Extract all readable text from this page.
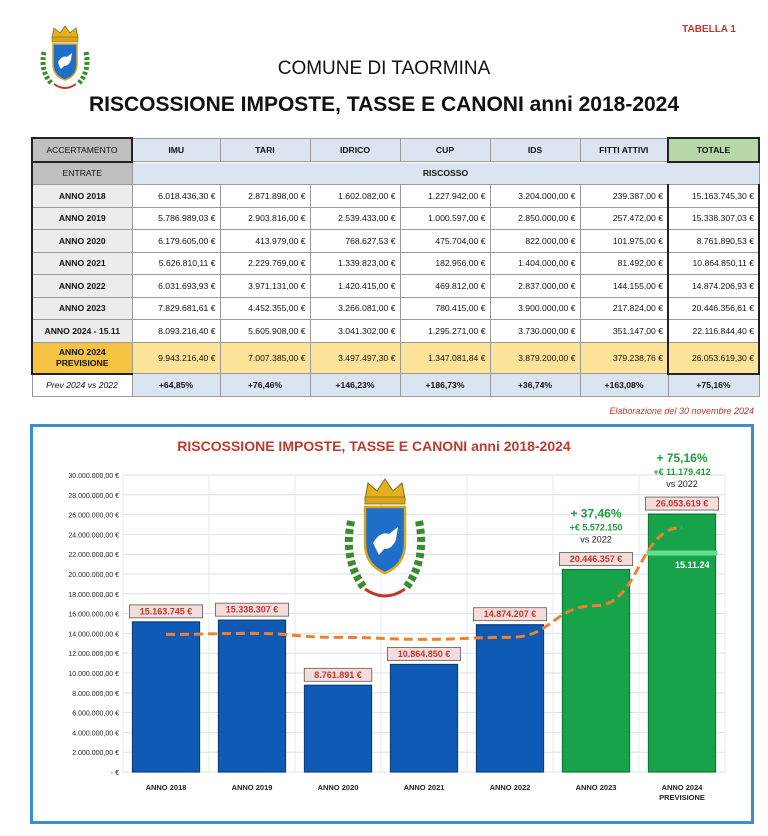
TABELLA 1
COMUNE DI TAORMINA
RISCOSSIONE IMPOSTE, TASSE E CANONI anni 2018-2024
ACCERTAMENTO	IMU	TARI	IDRICO	CUP	IDS	FITTI ATTIVI	TOTALE
ENTRATE	RISCOSSO						
ANNO 2018	6.018.436,30 €	2.871.898,00 €	1.602.082,00 €	1.227.942,00 €	3.204.000,00 €	239.387,00 €	15.163.745,30 €
ANNO 2019	5.786.989,03 €	2.903.816,00 €	2.539.433,00 €	1.000.597,00 €	2.850.000,00 €	257.472,00 €	15.338.307,03 €
ANNO 2020	6.179.605,00 €	413.979,00 €	768.627,53 €	475.704,00 €	822.000,00 €	101.975,00 €	8.761.890,53 €
ANNO 2021	5.626.810,11 €	2.229.769,00 €	1.339.823,00 €	182.956,00 €	1.404.000,00 €	81.492,00 €	10.864.850,11 €
ANNO 2022	6.031.693,93 €	3.971.131,00 €	1.420.415,00 €	469.812,00 €	2.837.000,00 €	144.155,00 €	14.874.206,93 €
ANNO 2023	7.829.681,61 €	4.452.355,00 €	3.266.081,00 €	780.415,00 €	3.900.000,00 €	217.824,00 €	20.446.356,61 €
ANNO 2024 - 15.11	8.093.216,40 €	5.605.908,00 €	3.041.302,00 €	1.295.271,00 €	3.730.000,00 €	351.147,00 €	22.116.844,40 €
ANNO 2024 PREVISIONE	9.943.216,40 €	7.007.385,00 €	3.497.497,30 €	1.347.081,84 €	3.879.200,00 €	379.238,76 €	26.053.619,30 €
Prev 2024 vs 2022	+64,85%	+76,46%	+146,23%	+186,73%	+36,74%	+163,08%	+75,16%
Elaborazione del 30 novembre 2024
RISCOSSIONE IMPOSTE, TASSE E CANONI anni 2018-2024
- €
2.000.000,00 €
4.000.000,00 €
6.000.000,00 €
8.000.000,00 €
10.000.000,00 €
12.000.000,00 €
14.000.000,00 €
16.000.000,00 €
18.000.000,00 €
20.000.000,00 €
22.000.000,00 €
24.000.000,00 €
26.000.000,00 €
28.000.000,00 €
30.000.000,00 €
15.11.24
15.163.745 €	15.338.307 €
8.761.891 €
10.864.850 €
14.874.207 €
20.446.357 €
26.053.619 €
+ 37,46%
+€ 5.572.150
vs 2022
+ 75,16%
+€ 11.179.412
vs 2022
ANNO 2018	ANNO 2019	ANNO 2020	ANNO 2021	ANNO 2022	ANNO 2023	ANNO 2024 PREVISIONE
